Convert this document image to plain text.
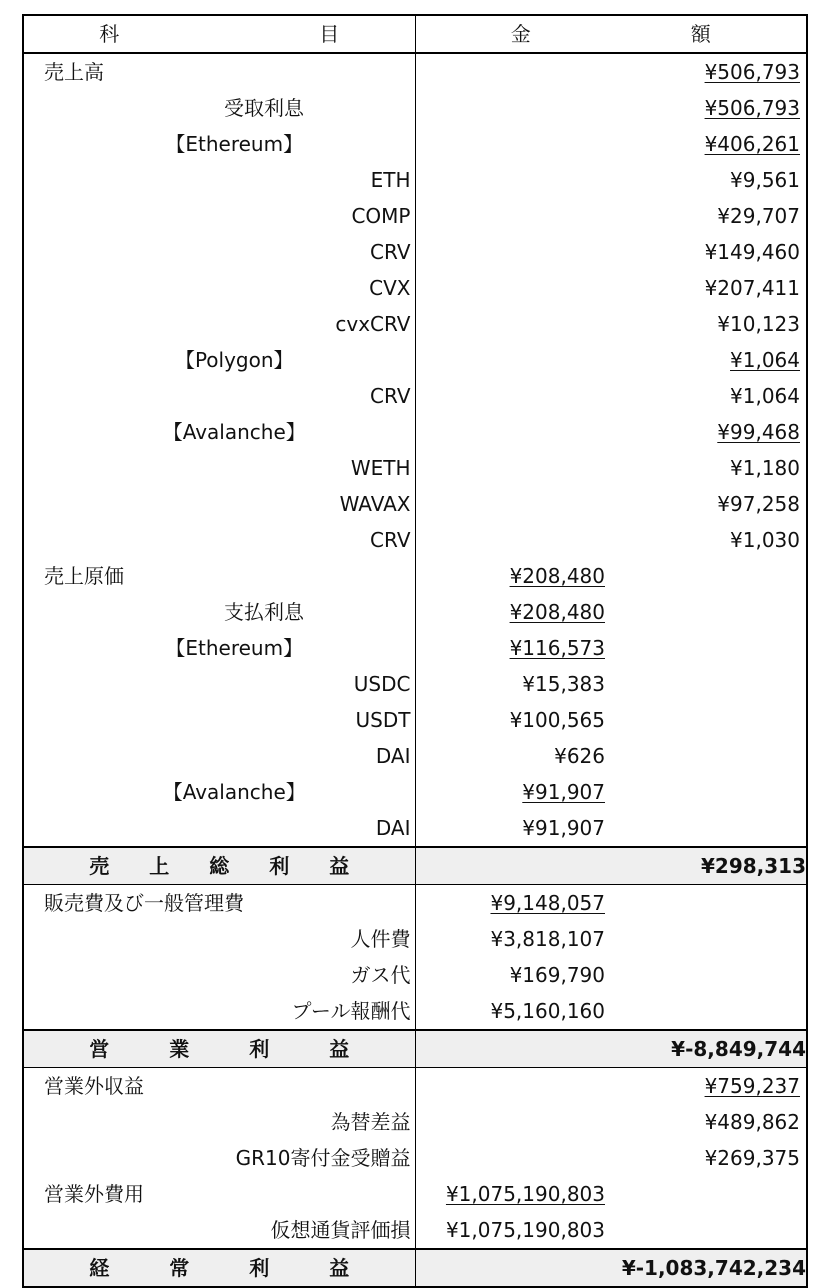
科　　　　　　　　　　目	金　　　　　　　　額	
売上高		¥506,793
受取利息		¥506,793
【Ethereum】		¥406,261
ETH		¥9,561
COMP		¥29,707
CRV		¥149,460
CVX		¥207,411
cvxCRV		¥10,123
【Polygon】		¥1,064
CRV		¥1,064
【Avalanche】		¥99,468
WETH		¥1,180
WAVAX		¥97,258
CRV		¥1,030
売上原価	¥208,480	
支払利息	¥208,480	
【Ethereum】	¥116,573	
USDC	¥15,383	
USDT	¥100,565	
DAI	¥626	
【Avalanche】	¥91,907	
DAI	¥91,907	
売　　上　　総　　利　　益	¥298,313	
販売費及び一般管理費	¥9,148,057	
人件費	¥3,818,107	
ガス代	¥169,790	
プール報酬代	¥5,160,160	
営　　　業　　　利　　　益	¥-8,849,744	
営業外収益		¥759,237
為替差益		¥489,862
GR10寄付金受贈益		¥269,375
営業外費用	¥1,075,190,803	
仮想通貨評価損	¥1,075,190,803	
経　　　常　　　利　　　益	¥-1,083,742,234	
